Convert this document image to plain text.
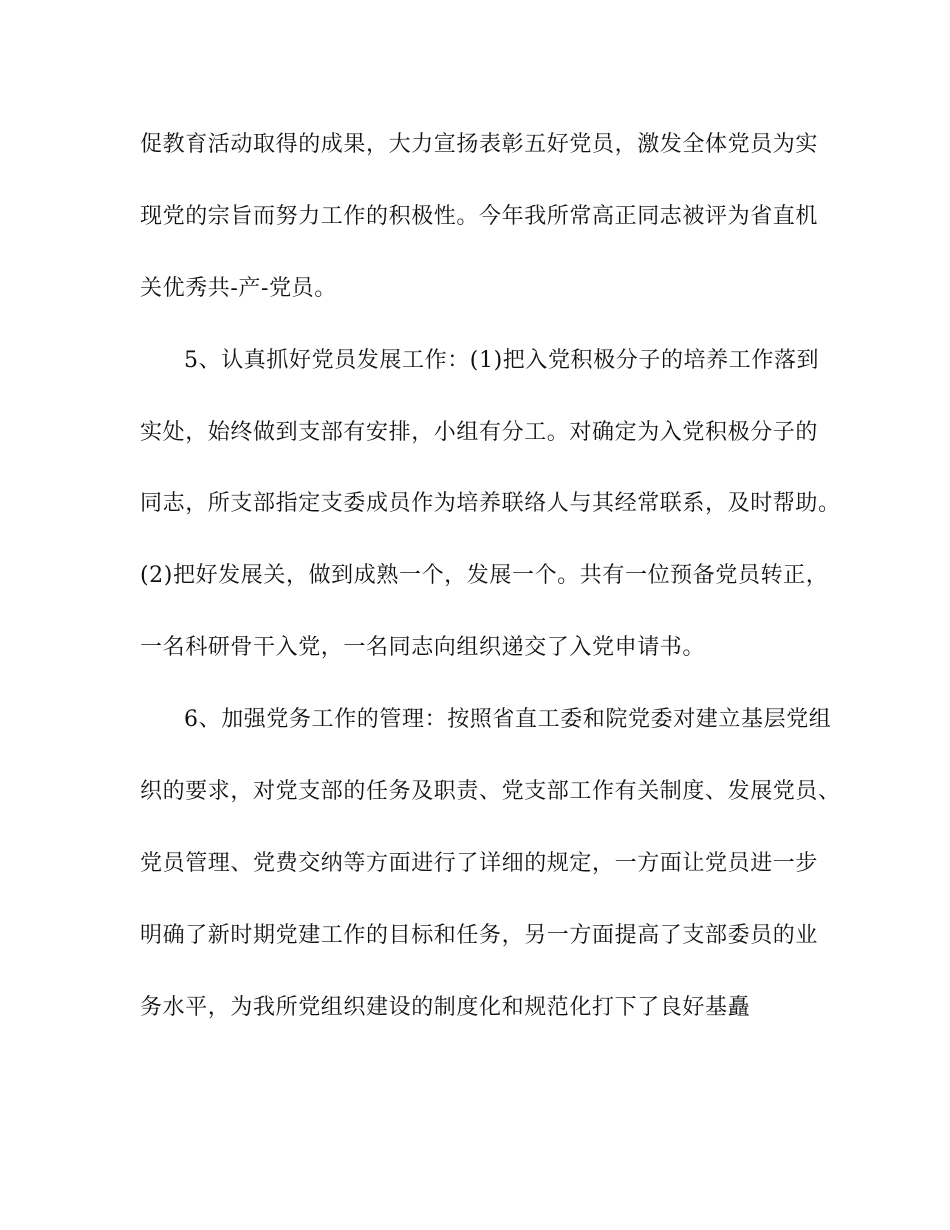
促教育活动取得的成果，大力宣扬表彰五好党员，激发全体党员为实

现党的宗旨而努力工作的积极性。今年我所常高正同志被评为省直机

关优秀共-产-党员。

5、认真抓好党员发展工作：(1)把入党积极分子的培养工作落到

实处，始终做到支部有安排，小组有分工。对确定为入党积极分子的

同志，所支部指定支委成员作为培养联络人与其经常联系，及时帮助。

(2)把好发展关，做到成熟一个，发展一个。共有一位预备党员转正，

一名科研骨干入党，一名同志向组织递交了入党申请书。

6、加强党务工作的管理：按照省直工委和院党委对建立基层党组

织的要求，对党支部的任务及职责、党支部工作有关制度、发展党员、

党员管理、党费交纳等方面进行了详细的规定，一方面让党员进一步

明确了新时期党建工作的目标和任务，另一方面提高了支部委员的业

务水平，为我所党组织建设的制度化和规范化打下了良好基矗
